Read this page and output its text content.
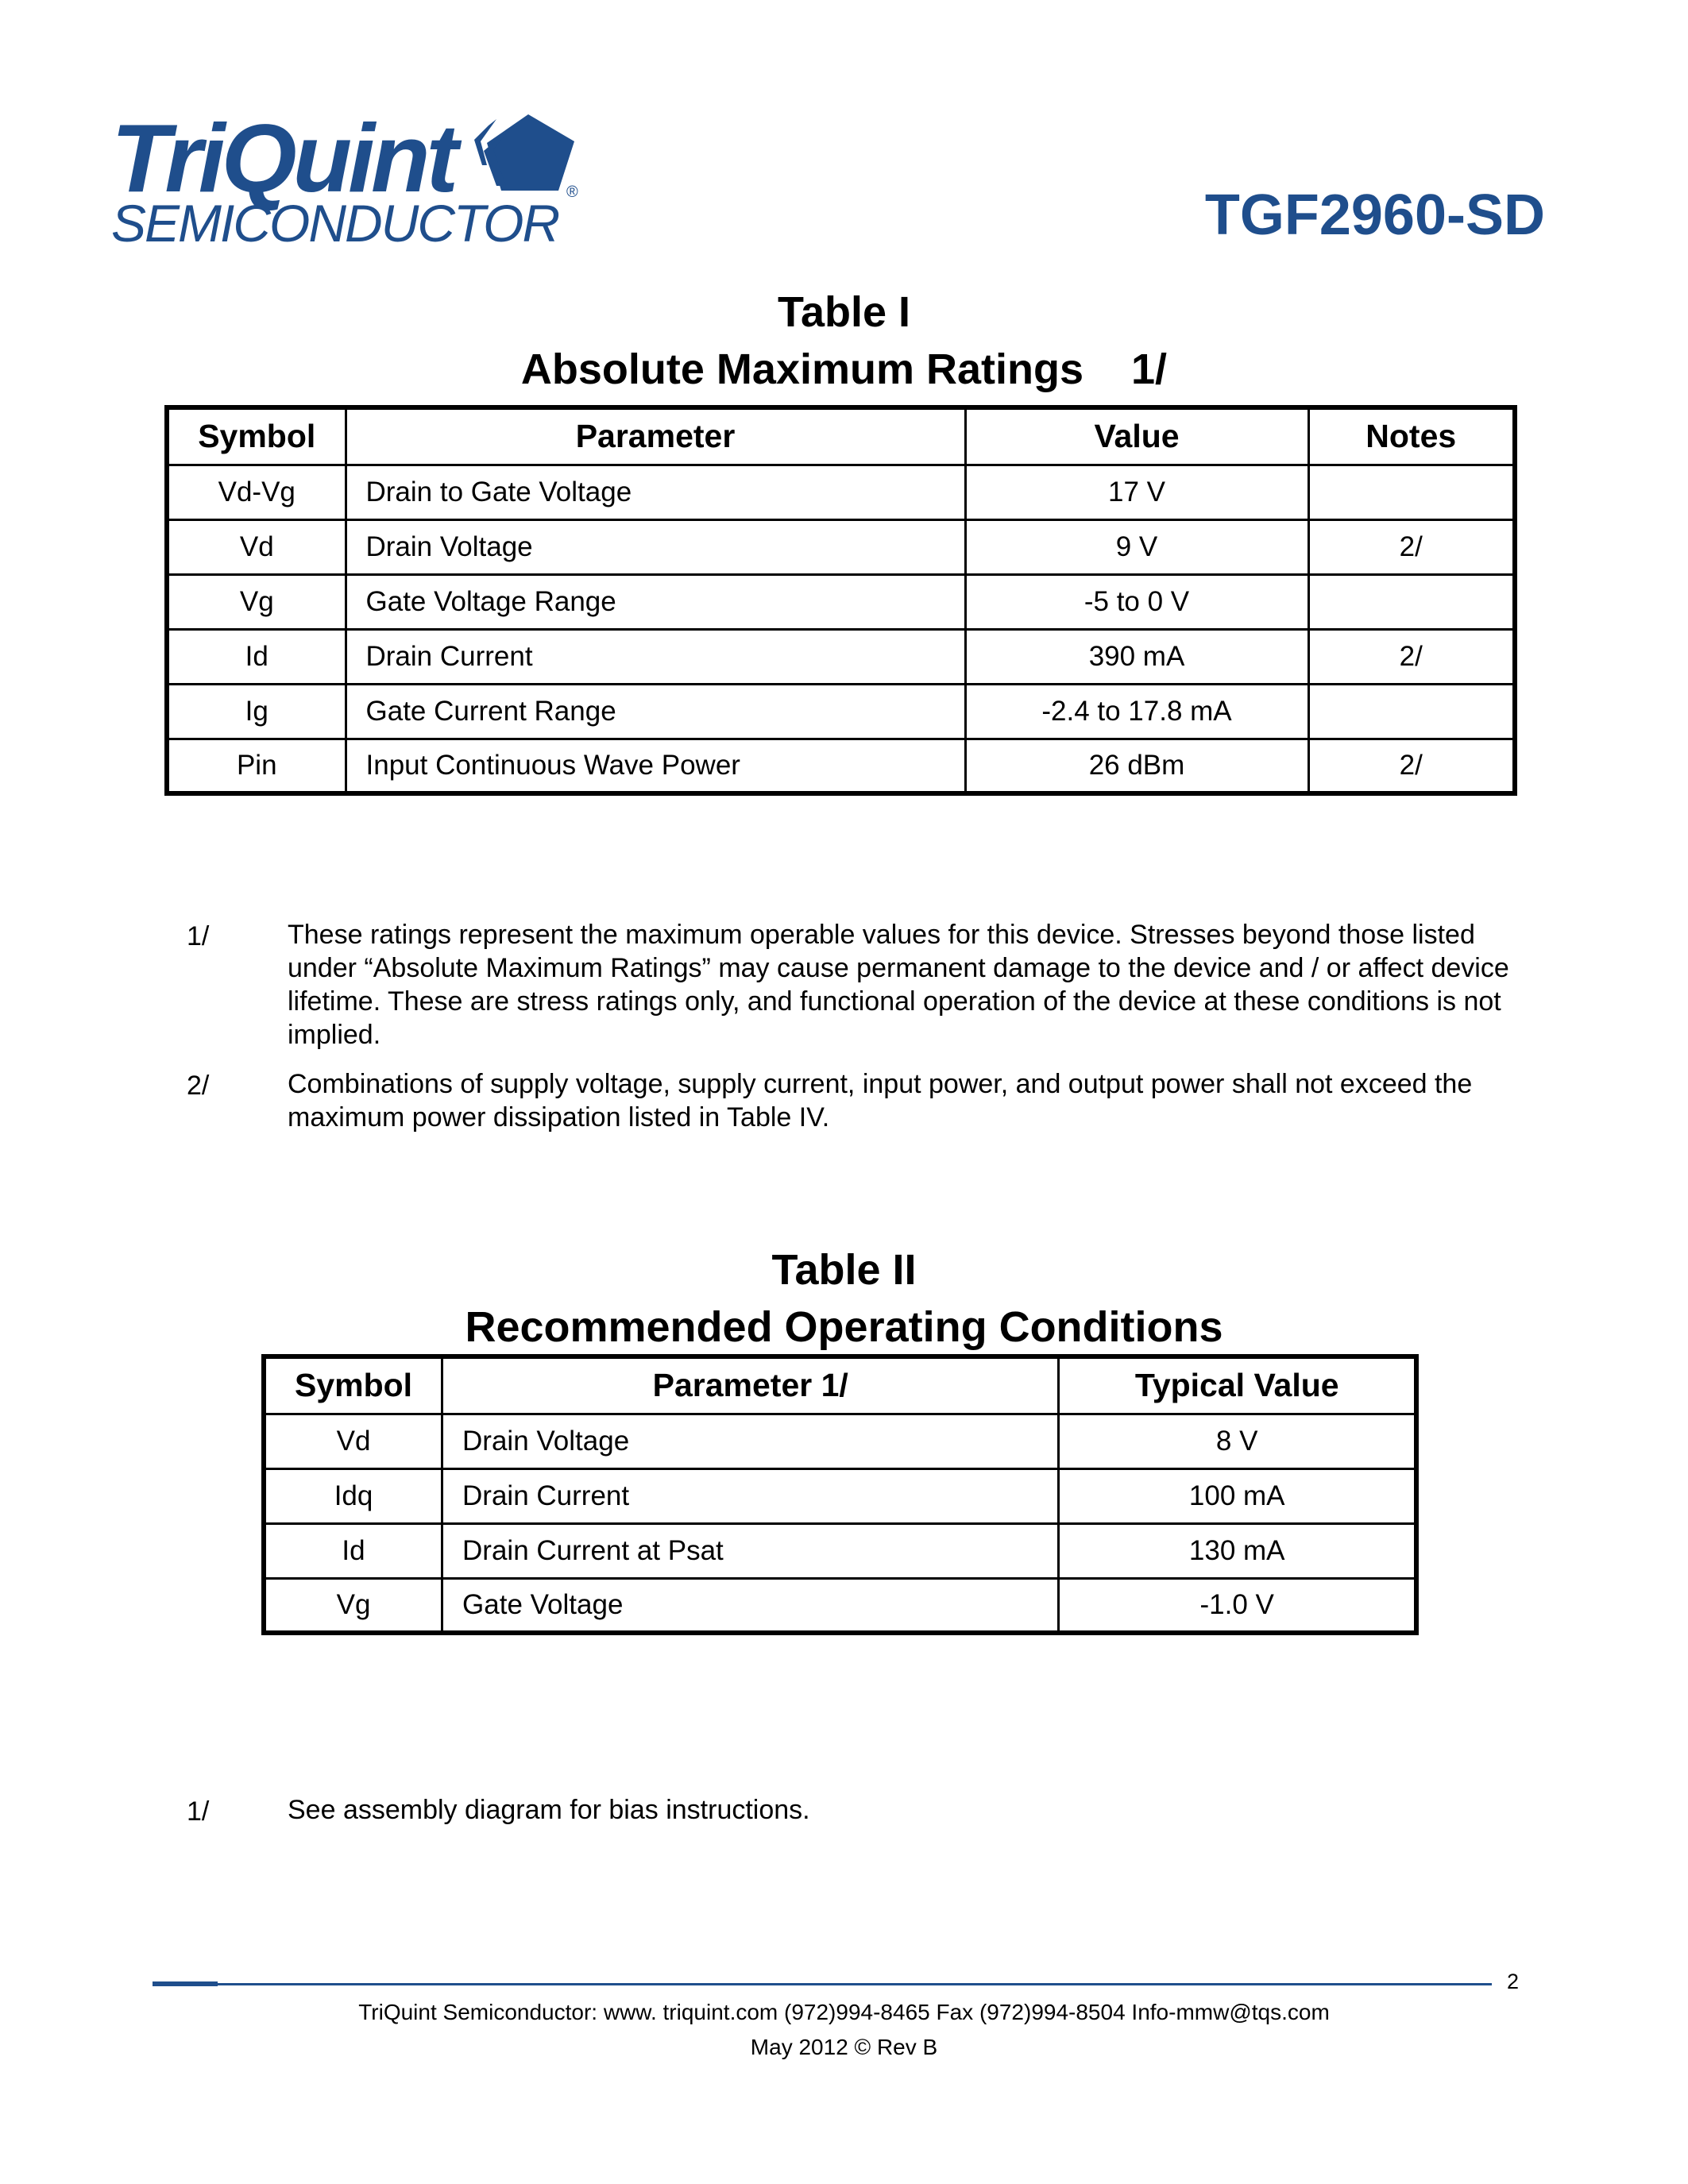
TriQuint
SEMICONDUCTOR
®	TGF2960-SD
Table I
Absolute Maximum Ratings    1/
Symbol	Parameter	Value	Notes
Vd-Vg	Drain to Gate Voltage	17 V	
Vd	Drain Voltage	9 V	2/
Vg	Gate Voltage Range	-5 to 0 V	
Id	Drain Current	390 mA	2/
Ig	Gate Current Range	-2.4 to 17.8 mA	
Pin	Input Continuous Wave Power	26 dBm	2/
1/	These ratings represent the maximum operable values for this device. Stresses beyond those listed under “Absolute Maximum Ratings” may cause permanent damage to the device and / or affect device lifetime. These are stress ratings only, and functional operation of the device at these conditions is not implied.
2/	Combinations of supply voltage, supply current, input power, and output power shall not exceed the maximum power dissipation listed in Table IV.
Table II
Recommended Operating Conditions
Symbol	Parameter 1/	Typical Value
Vd	Drain Voltage	8 V
Idq	Drain Current	100 mA
Id	Drain Current at Psat	130 mA
Vg	Gate Voltage	-1.0 V
1/	See assembly diagram for bias instructions.
2
TriQuint Semiconductor: www. triquint.com (972)994-8465 Fax (972)994-8504 Info-mmw@tqs.com
May 2012 © Rev B
